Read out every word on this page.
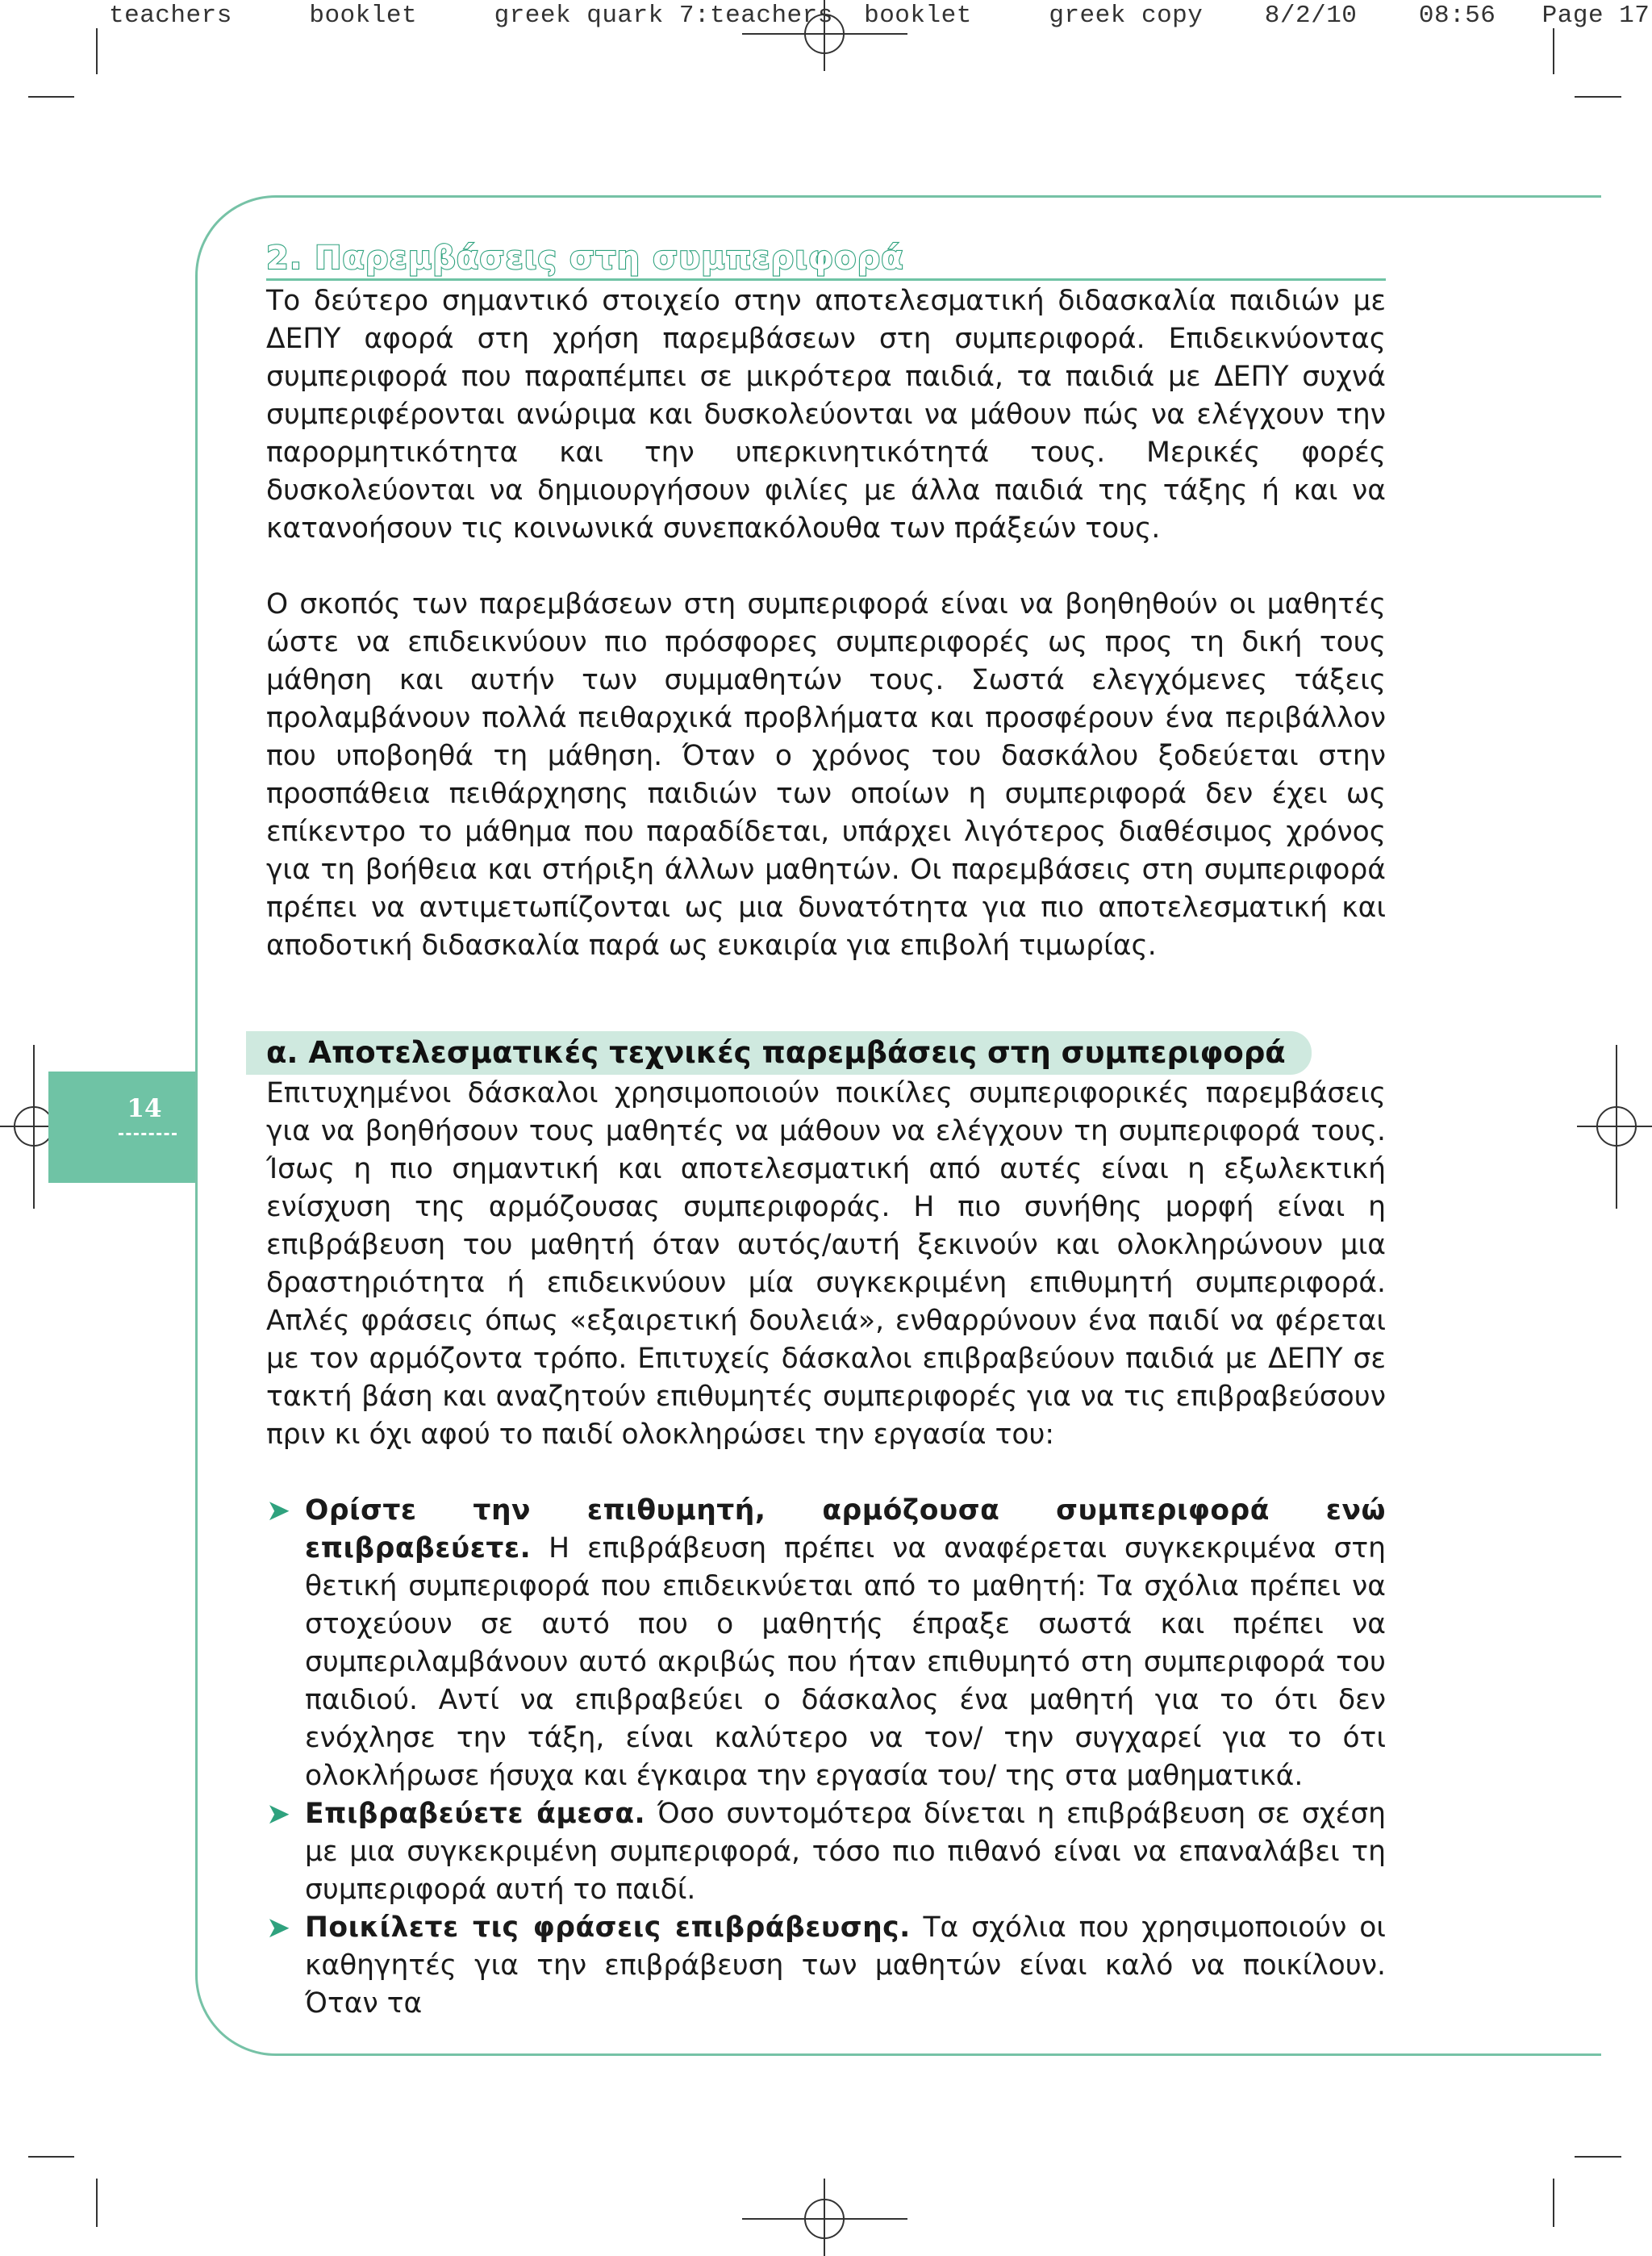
teachers	booklet	greek quark 7:teachers booklet	greek copy 8/2/10 08:56 Page 17
14
2. Παρεμβάσεις στη συμπεριφορά

Το δεύτερο σημαντικό στοιχείο στην αποτελεσματική διδασκαλία παιδιών με ΔΕΠΥ αφορά στη χρήση παρεμβάσεων στη συμπεριφορά. Επιδεικνύοντας συμπεριφορά που παραπέμπει σε μικρότερα παιδιά, τα παιδιά με ΔΕΠΥ συχνά συμπεριφέρονται ανώριμα και δυσκολεύονται να μάθουν πώς να ελέγχουν την παρορμητικότητα και την υπερκινητικότητά τους. Μερικές φορές δυσκολεύονται να δημιουργήσουν φιλίες με άλλα παιδιά της τάξης ή και να κατανοήσουν τις κοινωνικά συνεπακόλουθα των πράξεών τους.

Ο σκοπός των παρεμβάσεων στη συμπεριφορά είναι να βοηθηθούν οι μαθητές ώστε να επιδεικνύουν πιο πρόσφορες συμπεριφορές ως προς τη δική τους μάθηση και αυτήν των συμμαθητών τους. Σωστά ελεγχόμενες τάξεις προλαμβάνουν πολλά πειθαρχικά προβλήματα και προσφέρουν ένα περιβάλλον που υποβοηθά τη μάθηση. Όταν ο χρόνος του δασκάλου ξοδεύεται στην προσπάθεια πειθάρχησης παιδιών των οποίων η συμπεριφορά δεν έχει ως επίκεντρο το μάθημα που παραδίδεται, υπάρχει λιγότερος διαθέσιμος χρόνος για τη βοήθεια και στήριξη άλλων μαθητών. Οι παρεμβάσεις στη συμπεριφορά πρέπει να αντιμετωπίζονται ως μια δυνατότητα για πιο αποτελεσματική και αποδοτική διδασκαλία παρά ως ευκαιρία για επιβολή τιμωρίας.

α. Αποτελεσματικές τεχνικές παρεμβάσεις στη συμπεριφορά

Επιτυχημένοι δάσκαλοι χρησιμοποιούν ποικίλες συμπεριφορικές παρεμβάσεις για να βοηθήσουν τους μαθητές να μάθουν να ελέγχουν τη συμπεριφορά τους. Ίσως η πιο σημαντική και αποτελεσματική από αυτές είναι η εξωλεκτική ενίσχυση της αρμόζουσας συμπεριφοράς. Η πιο συνήθης μορφή είναι η επιβράβευση του μαθητή όταν αυτός/αυτή ξεκινούν και ολοκληρώνουν μια δραστηριότητα ή επιδεικνύουν μία συγκεκριμένη επιθυμητή συμπεριφορά. Απλές φράσεις όπως «εξαιρετική δουλειά», ενθαρρύνουν ένα παιδί να φέρεται με τον αρμόζοντα τρόπο. Επιτυχείς δάσκαλοι επιβραβεύουν παιδιά με ΔΕΠΥ σε τακτή βάση και αναζητούν επιθυμητές συμπεριφορές για να τις επιβραβεύσουν πριν κι όχι αφού το παιδί ολοκληρώσει την εργασία του:

➤ Ορίστε την επιθυμητή, αρμόζουσα συμπεριφορά ενώ επιβραβεύετε. Η επιβράβευση πρέπει να αναφέρεται συγκεκριμένα στη θετική συμπεριφορά που επιδεικνύεται από το μαθητή: Τα σχόλια πρέπει να στοχεύουν σε αυτό που ο μαθητής έπραξε σωστά και πρέπει να συμπεριλαμβάνουν αυτό ακριβώς που ήταν επιθυμητό στη συμπεριφορά του παιδιού. Αντί να επιβραβεύει ο δάσκαλος ένα μαθητή για το ότι δεν ενόχλησε την τάξη, είναι καλύτερο να τον/ την συγχαρεί για το ότι ολοκλήρωσε ήσυχα και έγκαιρα την εργασία του/ της στα μαθηματικά.
➤ Επιβραβεύετε άμεσα. Όσο συντομότερα δίνεται η επιβράβευση σε σχέση με μια συγκεκριμένη συμπεριφορά, τόσο πιο πιθανό είναι να επαναλάβει τη συμπεριφορά αυτή το παιδί.
➤ Ποικίλετε τις φράσεις επιβράβευσης. Τα σχόλια που χρησιμοποιούν οι καθηγητές για την επιβράβευση των μαθητών είναι καλό να ποικίλουν. Όταν τα
